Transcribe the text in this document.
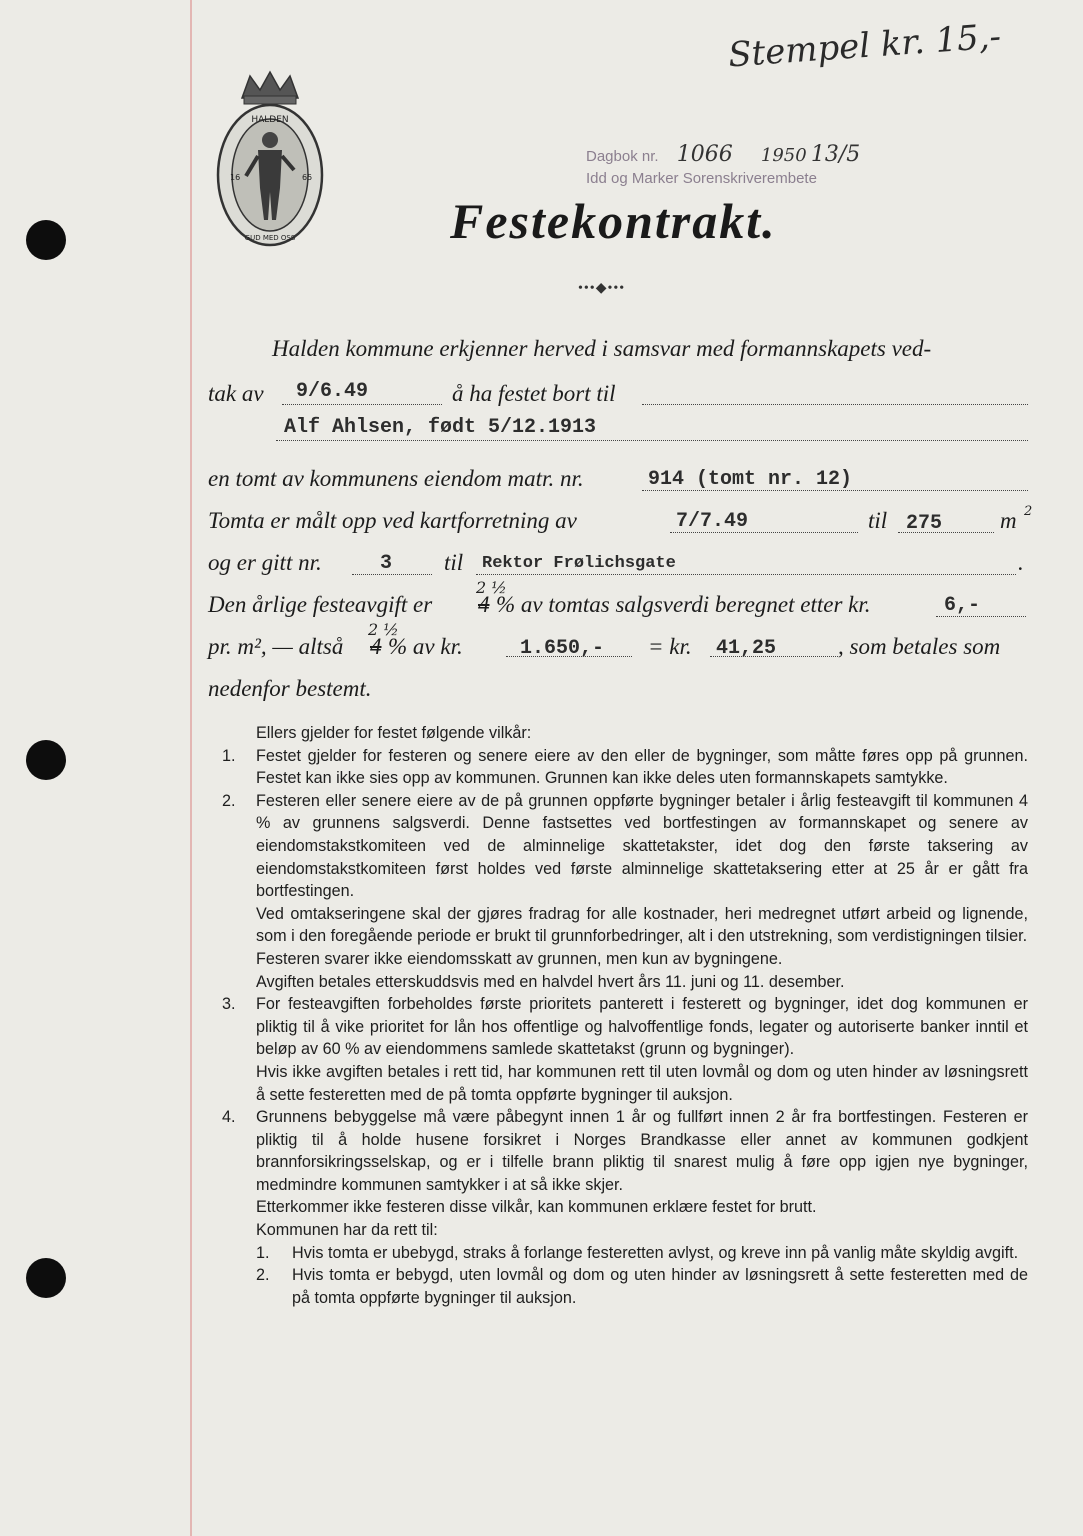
HALDEN
GUD MED OSS
16	65
Stempel kr. 15,-
Dagbok nr. 1066 1950 13/5
Idd og Marker Sorenskriverembete
Festekontrakt.
•••◆•••
Halden kommune erkjenner herved i samsvar med formannskapets ved-
tak av 9/6.49	å ha festet bort til
Alf Ahlsen, født 5/12.1913
en tomt av kommunens eiendom matr. nr.	914 (tomt nr. 12)
Tomta er målt opp ved kartforretning av	7/7.49	til 275	m 2
og er gitt nr.	3 til Rektor Frølichsgate	.
2 ½
Den årlige festeavgift er 4 % av tomtas salgsverdi beregnet etter kr.	6,-
2 ½
pr. m², — altså 4 % av kr.	1.650,- = kr. 41,25	, som betales som
nedenfor bestemt.

Ellers gjelder for festet følgende vilkår:

1.	Festet gjelder for festeren og senere eiere av den eller de bygninger, som måtte føres opp på grunnen. Festet kan ikke sies opp av kommunen. Grunnen kan ikke deles uten formannskapets samtykke.
2.	Festeren eller senere eiere av de på grunnen oppførte bygninger betaler i årlig festeavgift til kommunen 4 % av grunnens salgsverdi. Denne fastsettes ved bortfestingen av formannskapet og senere av eiendomstakstkomiteen ved de alminnelige skattetakster, idet dog den første taksering av eiendomstakstkomiteen først holdes ved første alminnelige skattetaksering etter at 25 år er gått fra bortfestingen.

Ved omtakseringene skal der gjøres fradrag for alle kostnader, heri medregnet utført arbeid og lignende, som i den foregående periode er brukt til grunnforbedringer, alt i den utstrekning, som verdistigningen tilsier.

Festeren svarer ikke eiendomsskatt av grunnen, men kun av bygningene.

Avgiften betales etterskuddsvis med en halvdel hvert års 11. juni og 11. desember.

3.	For festeavgiften forbeholdes første prioritets panterett i festerett og bygninger, idet dog kommunen er pliktig til å vike prioritet for lån hos offentlige og halvoffentlige fonds, legater og autoriserte banker inntil et beløp av 60 % av eiendommens samlede skattetakst (grunn og bygninger).

Hvis ikke avgiften betales i rett tid, har kommunen rett til uten lovmål og dom og uten hinder av løsningsrett å sette festeretten med de på tomta oppførte bygninger til auksjon.

4.	Grunnens bebyggelse må være påbegynt innen 1 år og fullført innen 2 år fra bortfestingen. Festeren er pliktig til å holde husene forsikret i Norges Brandkasse eller annet av kommunen godkjent brannforsikringsselskap, og er i tilfelle brann pliktig til snarest mulig å føre opp igjen nye bygninger, medmindre kommunen samtykker i at så ikke skjer.

Etterkommer ikke festeren disse vilkår, kan kommunen erklære festet for brutt.

Kommunen har da rett til:

1.	Hvis tomta er ubebygd, straks å forlange festeretten avlyst, og kreve inn på vanlig måte skyldig avgift.
2.	Hvis tomta er bebygd, uten lovmål og dom og uten hinder av løsningsrett å sette festeretten med de på tomta oppførte bygninger til auksjon.
